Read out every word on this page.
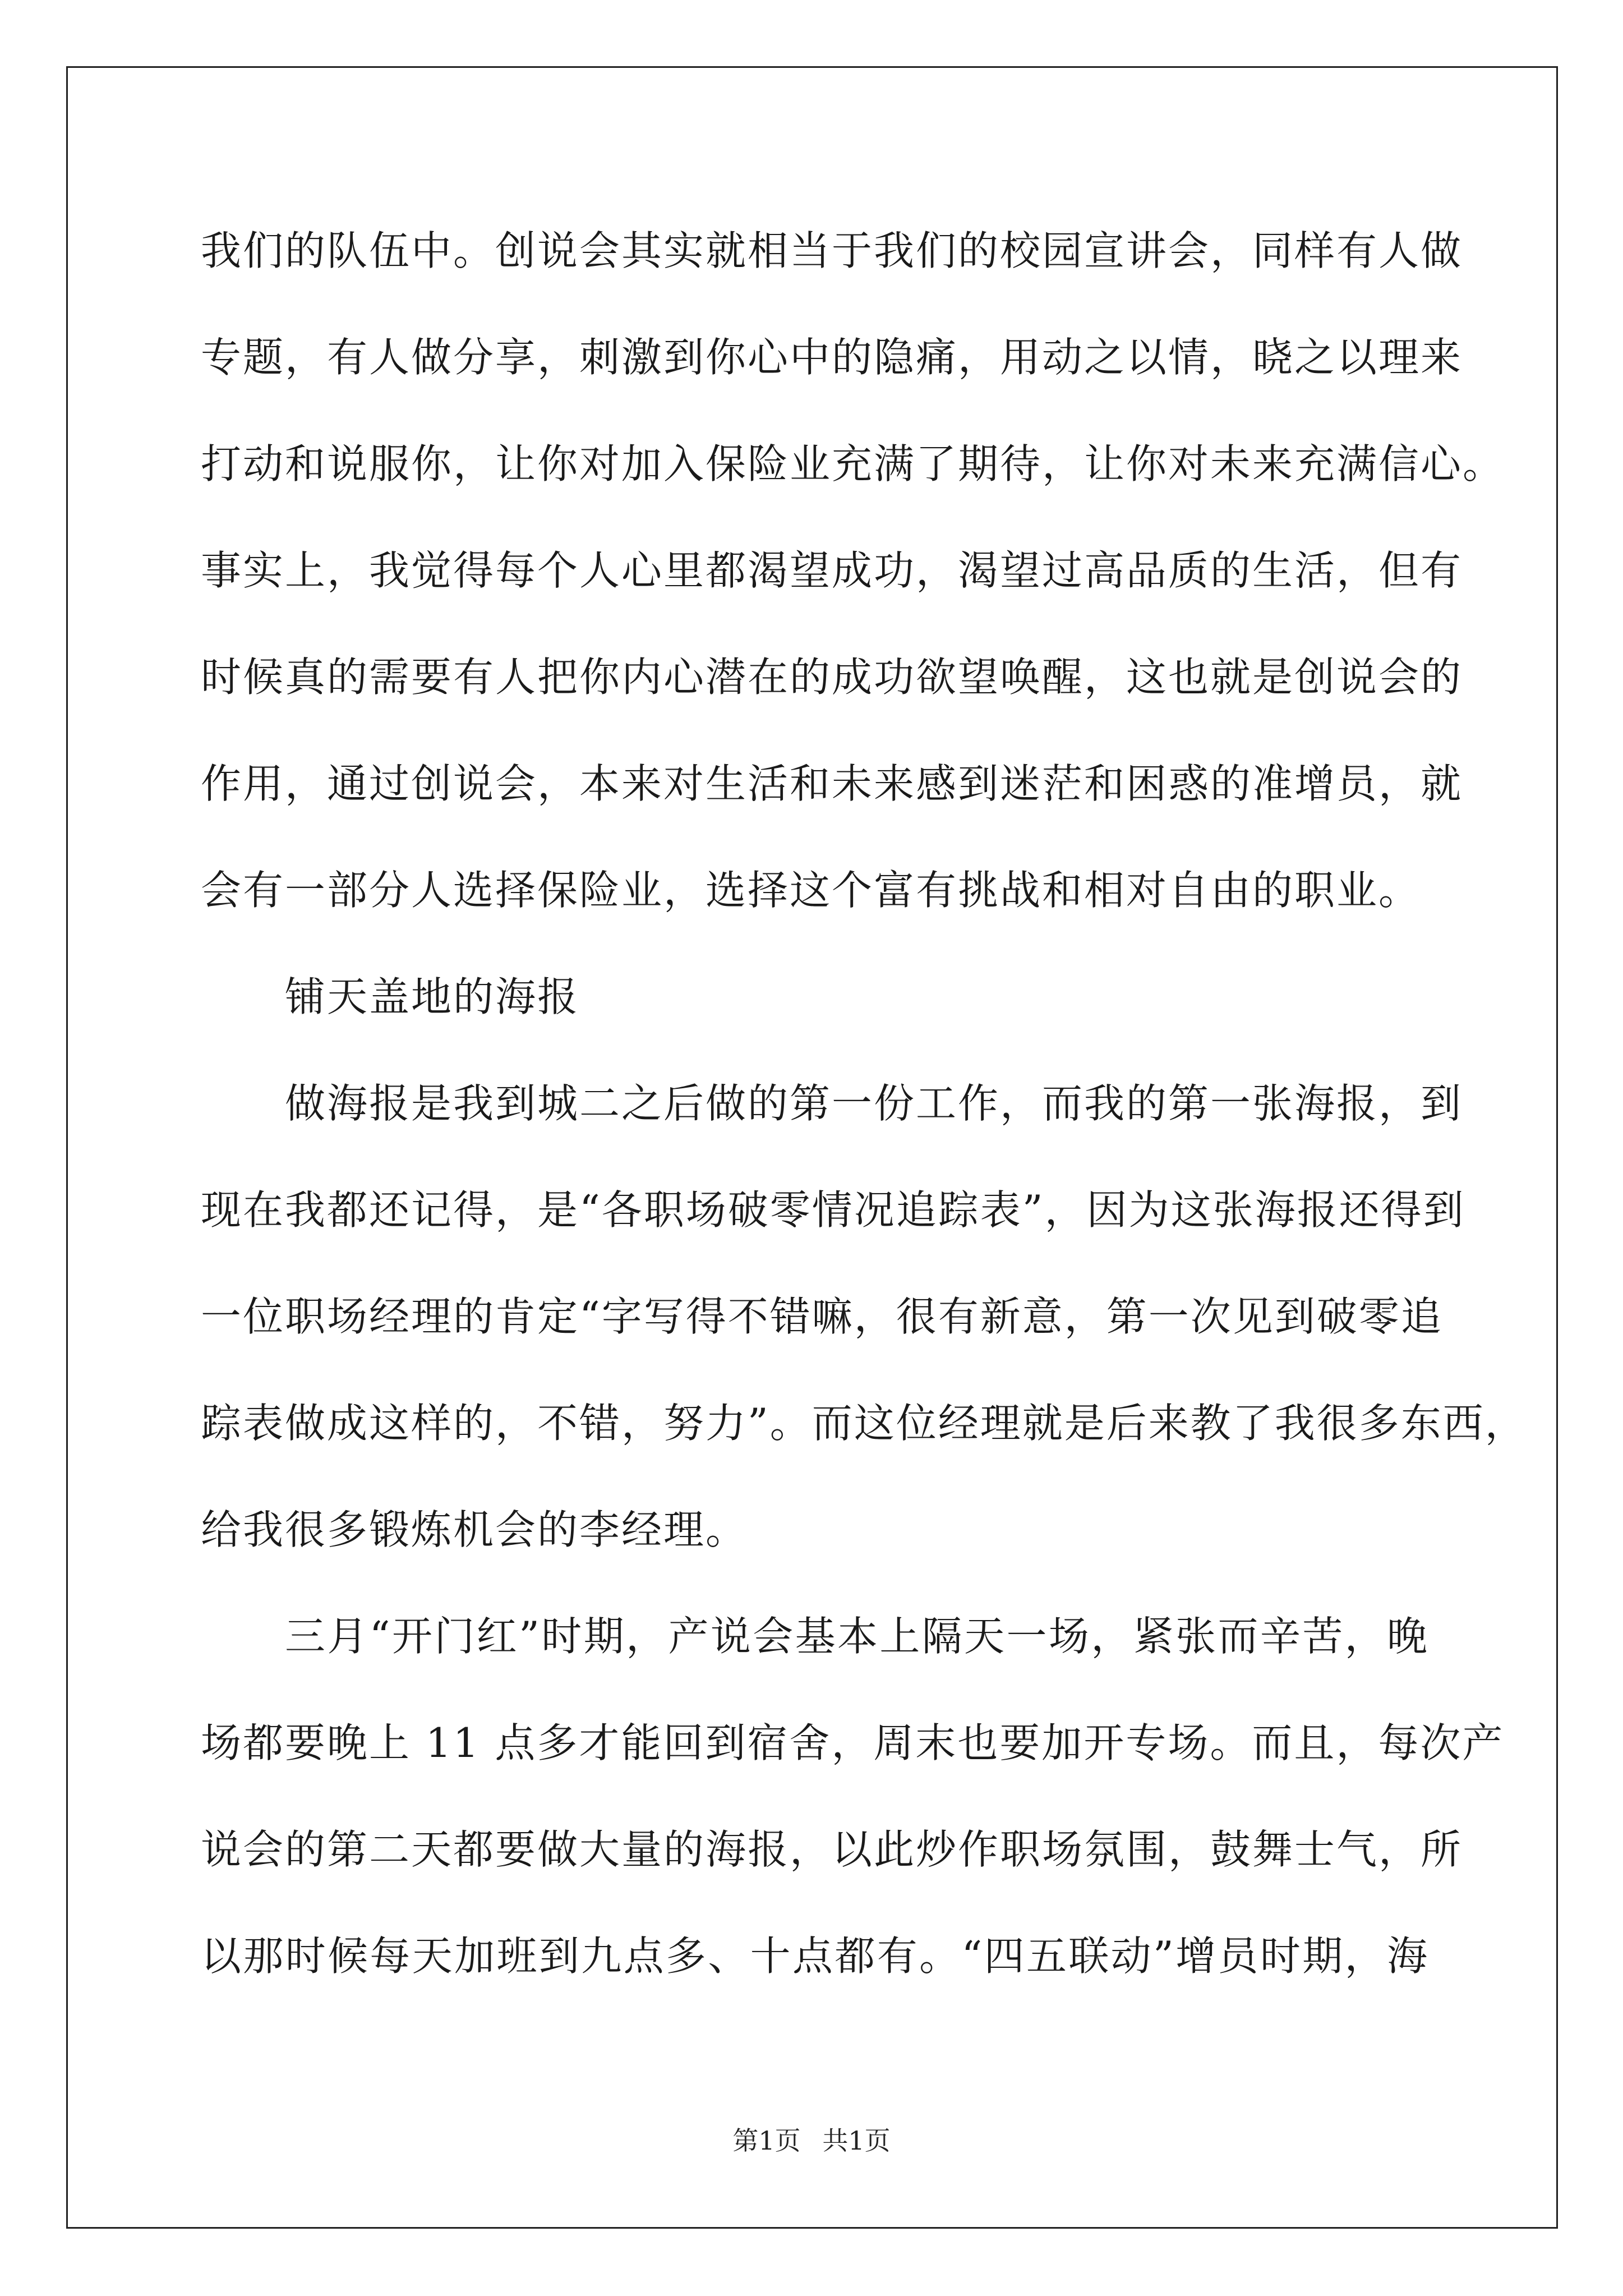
我们的队伍中。创说会其实就相当于我们的校园宣讲会，同样有人做
专题，有人做分享，刺激到你心中的隐痛，用动之以情，晓之以理来
打动和说服你，让你对加入保险业充满了期待，让你对未来充满信心。
事实上，我觉得每个人心里都渴望成功，渴望过高品质的生活，但有
时候真的需要有人把你内心潜在的成功欲望唤醒，这也就是创说会的
作用，通过创说会，本来对生活和未来感到迷茫和困惑的准增员，就
会有一部分人选择保险业，选择这个富有挑战和相对自由的职业。
铺天盖地的海报
做海报是我到城二之后做的第一份工作，而我的第一张海报，到
现在我都还记得，是“各职场破零情况追踪表”，因为这张海报还得到
一位职场经理的肯定“字写得不错嘛，很有新意，第一次见到破零追
踪表做成这样的，不错，努力”。而这位经理就是后来教了我很多东西，
给我很多锻炼机会的李经理。
三月“开门红”时期，产说会基本上隔天一场，紧张而辛苦，晚
场都要晚上 11 点多才能回到宿舍，周末也要加开专场。而且，每次产
说会的第二天都要做大量的海报，以此炒作职场氛围，鼓舞士气，所
以那时候每天加班到九点多、十点都有。“四五联动”增员时期，海
第1页 共1页
